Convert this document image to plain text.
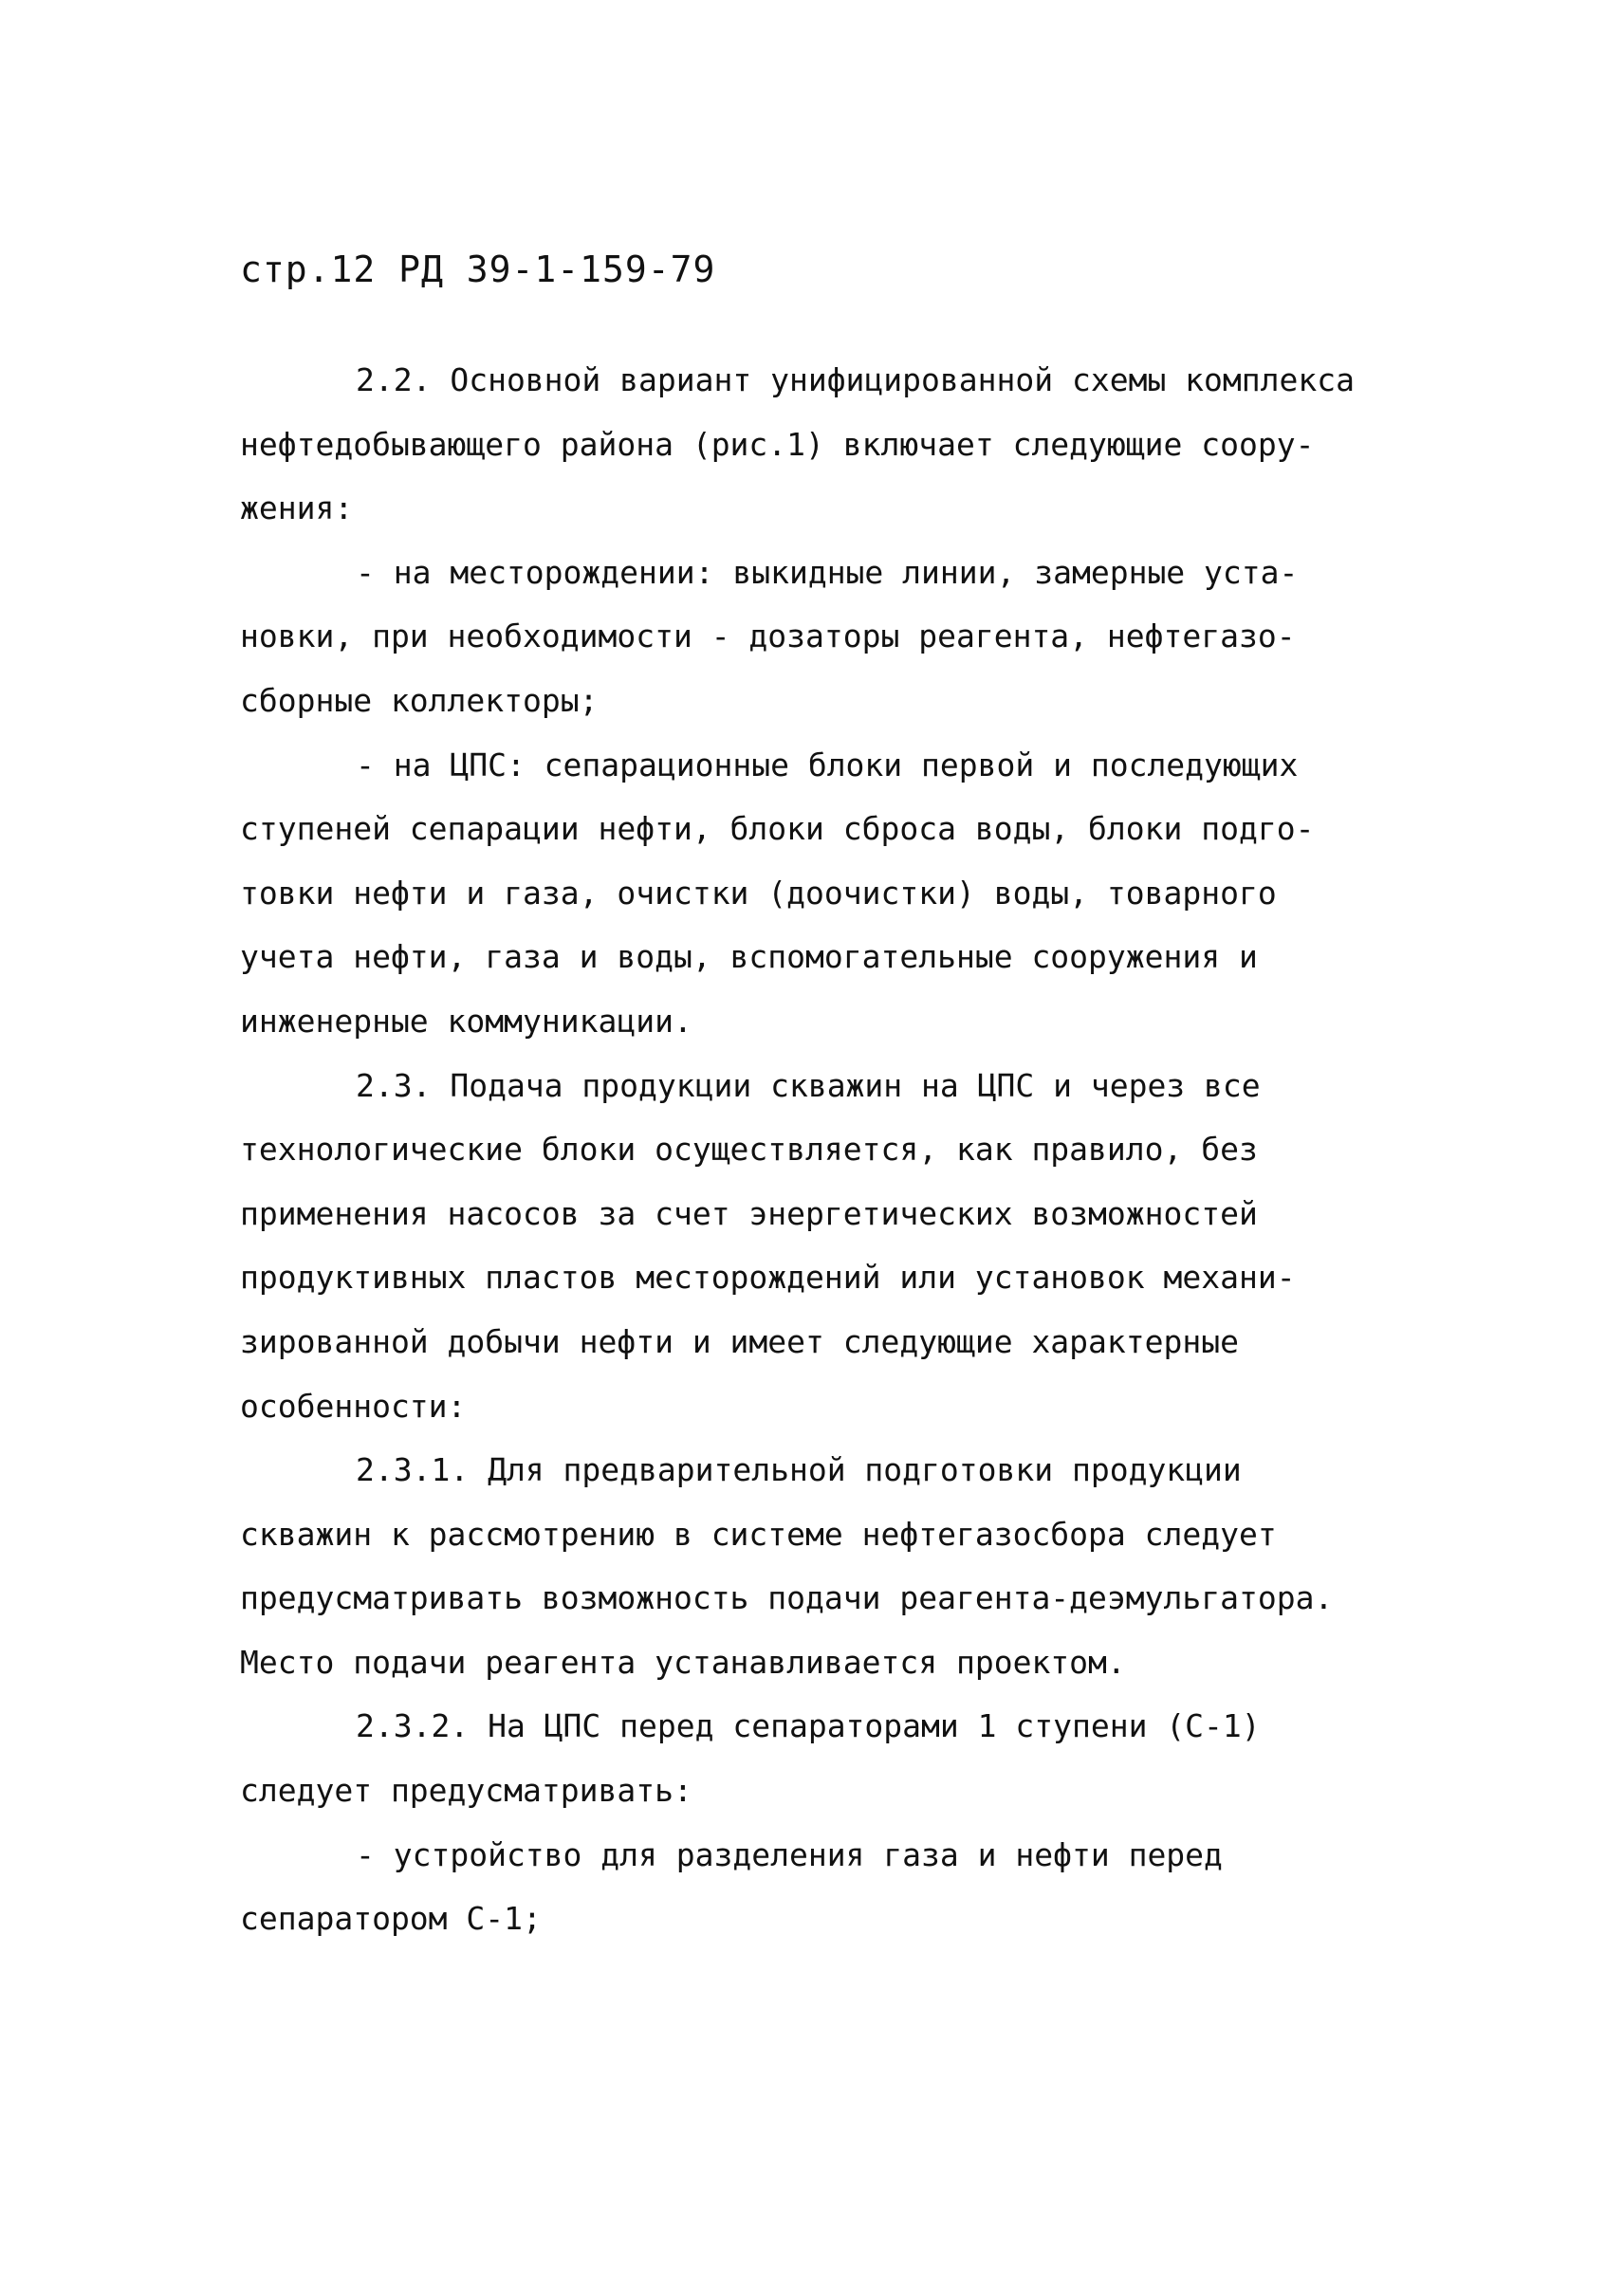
стр.12 РД 39-1-159-79
2.2. Основной вариант унифицированной схемы комплекса
нефтедобывающего района (рис.1) включает следующие соору-
жения:
- на месторождении: выкидные линии, замерные уста-
новки, при необходимости - дозаторы реагента, нефтегазо-
сборные коллекторы;
- на ЦПС: сепарационные блоки первой и последующих
ступеней сепарации нефти, блоки сброса воды, блоки подго-
товки нефти и газа, очистки (доочистки) воды, товарного
учета нефти, газа и воды, вспомогательные сооружения и
инженерные коммуникации.
2.3. Подача продукции скважин на ЦПС и через все
технологические блоки осуществляется, как правило, без
применения насосов за счет энергетических возможностей
продуктивных пластов месторождений или установок механи-
зированной добычи нефти и имеет следующие характерные
особенности:
2.3.1. Для предварительной подготовки продукции
скважин к рассмотрению в системе нефтегазосбора следует
предусматривать возможность подачи реагента-деэмульгатора.
Место подачи реагента устанавливается проектом.
2.3.2. На ЦПС перед сепараторами 1 ступени (С-1)
следует предусматривать:
- устройство для разделения газа и нефти перед
сепаратором С-1;
